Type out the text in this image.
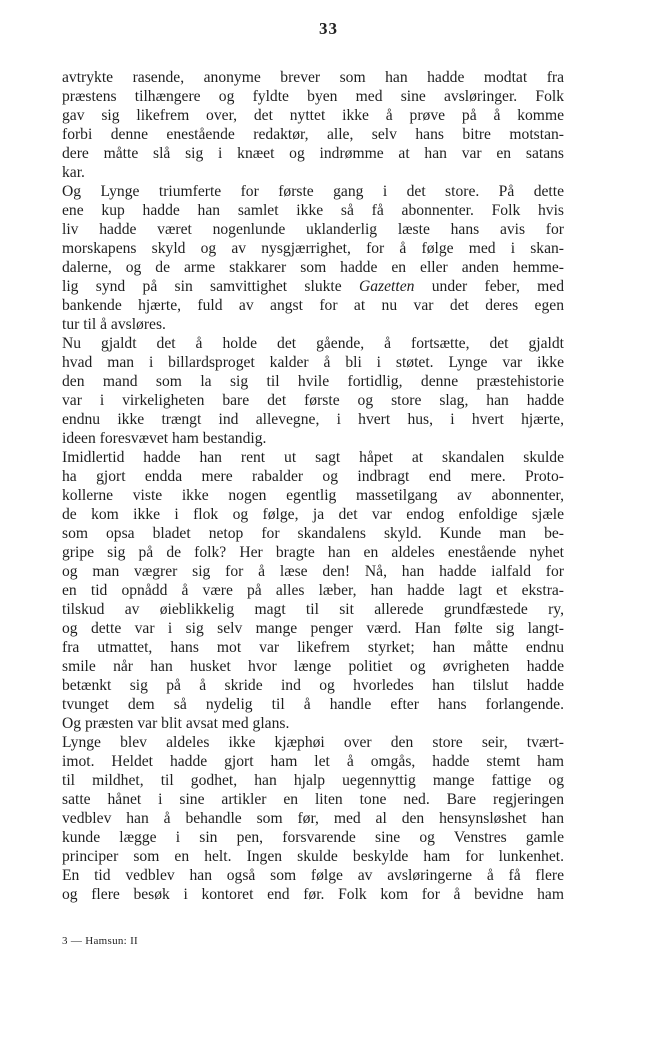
33
avtrykte rasende, anonyme brever som han hadde modtat fra
præstens tilhængere og fyldte byen med sine avsløringer. Folk
gav sig likefrem over, det nyttet ikke å prøve på å komme
forbi denne enestående redaktør, alle, selv hans bitre motstan-
dere måtte slå sig i knæet og indrømme at han var en satans
kar.
Og Lynge triumferte for første gang i det store. På dette
ene kup hadde han samlet ikke så få abonnenter. Folk hvis
liv hadde været nogenlunde uklanderlig læste hans avis for
morskapens skyld og av nysgjærrighet, for å følge med i skan-
dalerne, og de arme stakkarer som hadde en eller anden hemme-
lig synd på sin samvittighet slukte Gazetten under feber, med
bankende hjærte, fuld av angst for at nu var det deres egen
tur til å avsløres.
Nu gjaldt det å holde det gående, å fortsætte, det gjaldt
hvad man i billardsproget kalder å bli i støtet. Lynge var ikke
den mand som la sig til hvile fortidlig, denne præstehistorie
var i virkeligheten bare det første og store slag, han hadde
endnu ikke trængt ind allevegne, i hvert hus, i hvert hjærte,
ideen foresvævet ham bestandig.
Imidlertid hadde han rent ut sagt håpet at skandalen skulde
ha gjort endda mere rabalder og indbragt end mere. Proto-
kollerne viste ikke nogen egentlig massetilgang av abonnenter,
de kom ikke i flok og følge, ja det var endog enfoldige sjæle
som opsa bladet netop for skandalens skyld. Kunde man be-
gripe sig på de folk? Her bragte han en aldeles enestående nyhet
og man vægrer sig for å læse den! Nå, han hadde ialfald for
en tid opnådd å være på alles læber, han hadde lagt et ekstra-
tilskud av øieblikkelig magt til sit allerede grundfæstede ry,
og dette var i sig selv mange penger værd. Han følte sig langt-
fra utmattet, hans mot var likefrem styrket; han måtte endnu
smile når han husket hvor længe politiet og øvrigheten hadde
betænkt sig på å skride ind og hvorledes han tilslut hadde
tvunget dem så nydelig til å handle efter hans forlangende.
Og præsten var blit avsat med glans.
Lynge blev aldeles ikke kjæphøi over den store seir, tvært-
imot. Heldet hadde gjort ham let å omgås, hadde stemt ham
til mildhet, til godhet, han hjalp uegennyttig mange fattige og
satte hånet i sine artikler en liten tone ned. Bare regjeringen
vedblev han å behandle som før, med al den hensynsløshet han
kunde lægge i sin pen, forsvarende sine og Venstres gamle
principer som en helt. Ingen skulde beskylde ham for lunkenhet.
En tid vedblev han også som følge av avsløringerne å få flere
og flere besøk i kontoret end før. Folk kom for å bevidne ham
3 — Hamsun: II
